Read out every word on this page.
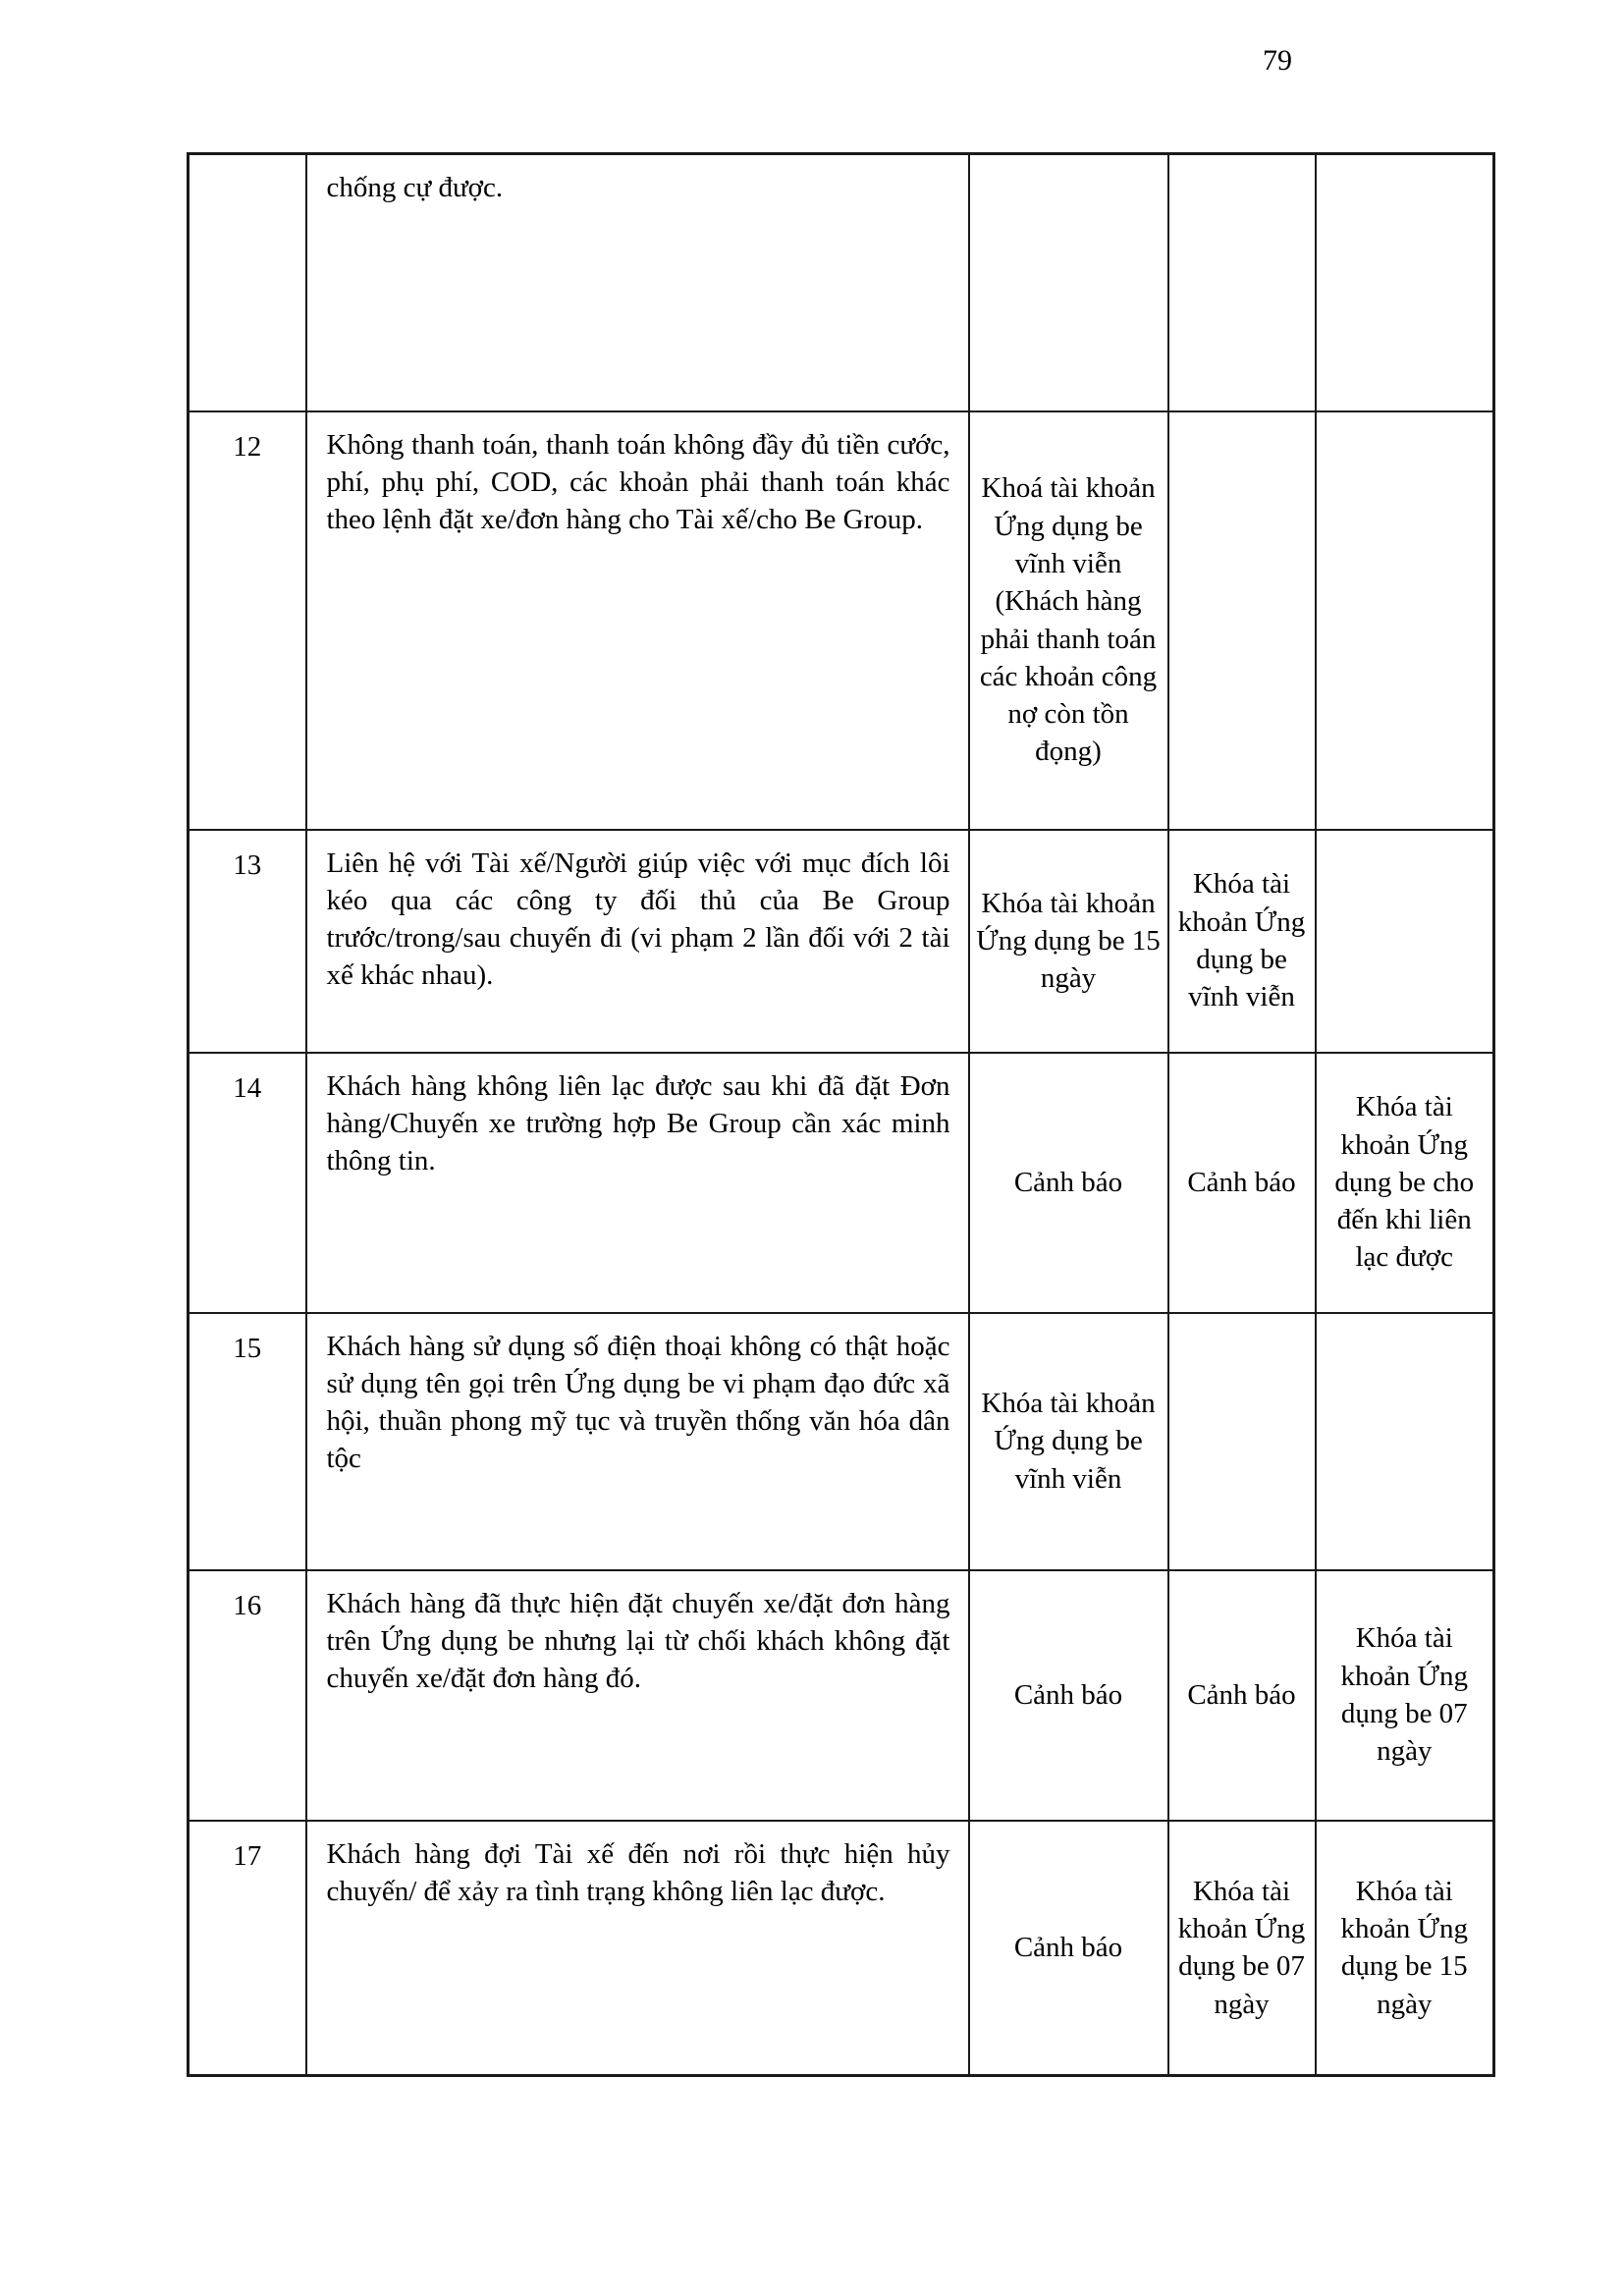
79
	chống cự được.			
12	Không thanh toán, thanh toán không đầy đủ tiền cước, phí, phụ phí, COD, các khoản phải thanh toán khác theo lệnh đặt xe/đơn hàng cho Tài xế/cho Be Group.	Khoá tài khoản Ứng dụng be vĩnh viễn (Khách hàng phải thanh toán các khoản công nợ còn tồn đọng)		
13	Liên hệ với Tài xế/Người giúp việc với mục đích lôi kéo qua các công ty đối thủ của Be Group trước/trong/sau chuyến đi (vi phạm 2 lần đối với 2 tài xế khác nhau).	Khóa tài khoản Ứng dụng be 15 ngày	Khóa tài khoản Ứng dụng be vĩnh viễn	
14	Khách hàng không liên lạc được sau khi đã đặt Đơn hàng/Chuyến xe trường hợp Be Group cần xác minh thông tin.	Cảnh báo	Cảnh báo	Khóa tài khoản Ứng dụng be cho đến khi liên lạc được
15	Khách hàng sử dụng số điện thoại không có thật hoặc sử dụng tên gọi trên Ứng dụng be vi phạm đạo đức xã hội, thuần phong mỹ tục và truyền thống văn hóa dân tộc	Khóa tài khoản Ứng dụng be vĩnh viễn		
16	Khách hàng đã thực hiện đặt chuyến xe/đặt đơn hàng trên Ứng dụng be nhưng lại từ chối khách không đặt chuyến xe/đặt đơn hàng đó.	Cảnh báo	Cảnh báo	Khóa tài khoản Ứng dụng be 07 ngày
17	Khách hàng đợi Tài xế đến nơi rồi thực hiện hủy chuyến/ để xảy ra tình trạng không liên lạc được.	Cảnh báo	Khóa tài khoản Ứng dụng be 07 ngày	Khóa tài khoản Ứng dụng be 15 ngày
